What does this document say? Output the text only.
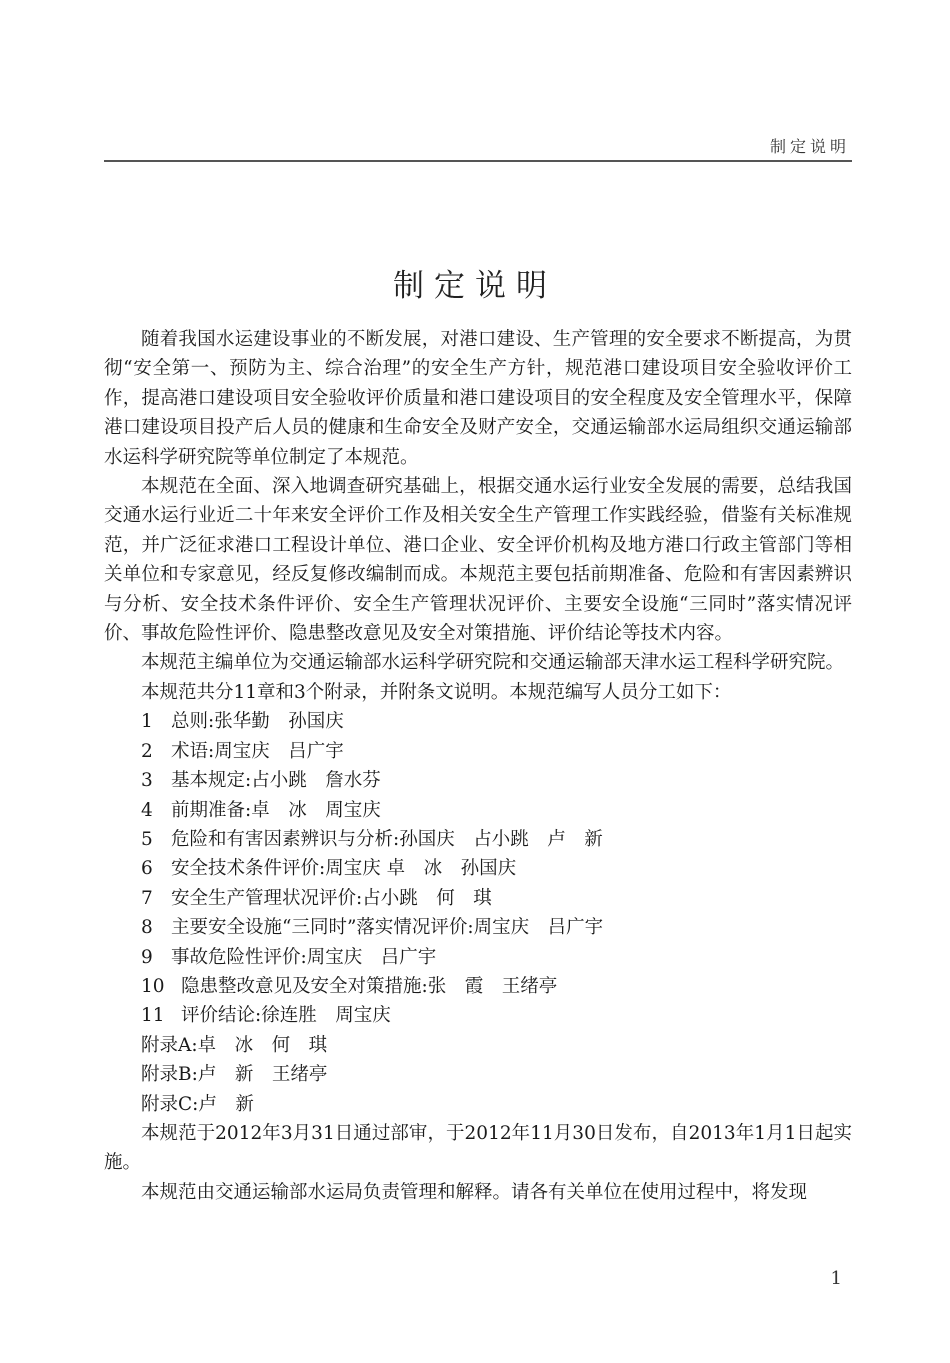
制定说明
制定说明

随着我国水运建设事业的不断发展，对港口建设、生产管理的安全要求不断提高，为贯彻“安全第一、预防为主、综合治理”的安全生产方针，规范港口建设项目安全验收评价工作，提高港口建设项目安全验收评价质量和港口建设项目的安全程度及安全管理水平，保障港口建设项目投产后人员的健康和生命安全及财产安全，交通运输部水运局组织交通运输部水运科学研究院等单位制定了本规范。

本规范在全面、深入地调查研究基础上，根据交通水运行业安全发展的需要，总结我国交通水运行业近二十年来安全评价工作及相关安全生产管理工作实践经验，借鉴有关标准规范，并广泛征求港口工程设计单位、港口企业、安全评价机构及地方港口行政主管部门等相关单位和专家意见，经反复修改编制而成。本规范主要包括前期准备、危险和有害因素辨识与分析、安全技术条件评价、安全生产管理状况评价、主要安全设施“三同时”落实情况评价、事故危险性评价、隐患整改意见及安全对策措施、评价结论等技术内容。

本规范主编单位为交通运输部水运科学研究院和交通运输部天津水运工程科学研究院。

本规范共分11章和3个附录，并附条文说明。本规范编写人员分工如下：

1 总则:张华勤　孙国庆
2 术语:周宝庆　吕广宇
3 基本规定:占小跳　詹水芬
4 前期准备:卓　冰　周宝庆
5 危险和有害因素辨识与分析:孙国庆　占小跳　卢　新
6 安全技术条件评价:周宝庆 卓　冰　孙国庆
7 安全生产管理状况评价:占小跳　何　琪
8 主要安全设施“三同时”落实情况评价:周宝庆　吕广宇
9 事故危险性评价:周宝庆　吕广宇
10 隐患整改意见及安全对策措施:张　霞　王绪亭
11 评价结论:徐连胜　周宝庆
附录A:卓　冰　何　琪
附录B:卢　新　王绪亭
附录C:卢　新

本规范于2012年3月31日通过部审，于2012年11月30日发布，自2013年1月1日起实施。

本规范由交通运输部水运局负责管理和解释。请各有关单位在使用过程中，将发现

1
